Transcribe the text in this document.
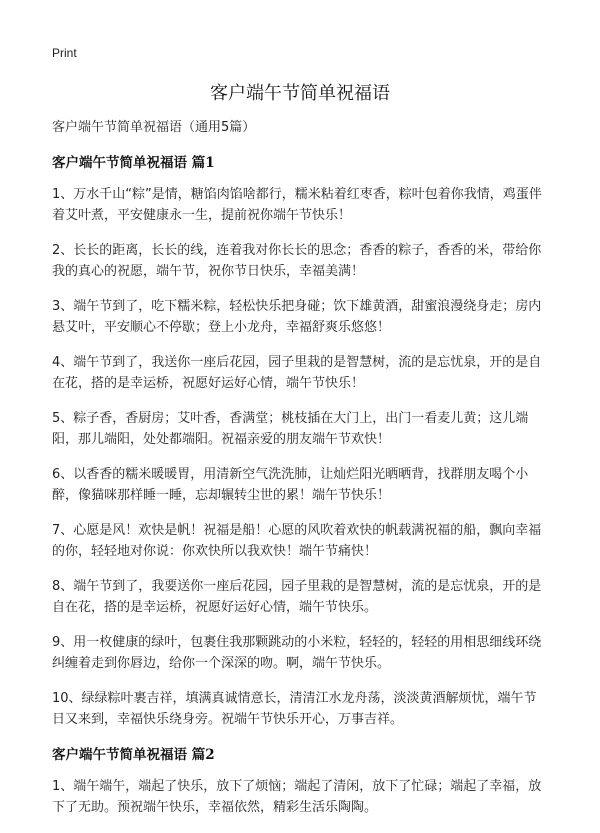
Print
客户端午节简单祝福语

客户端午节简单祝福语（通用5篇）

客户端午节简单祝福语 篇1

1、万水千山“粽”是情，糖馅肉馅啥都行，糯米粘着红枣香，粽叶包着你我情，鸡蛋伴着艾叶煮，平安健康永一生，提前祝你端午节快乐！

2、长长的距离，长长的线，连着我对你长长的思念；香香的粽子，香香的米，带给你我的真心的祝愿，端午节，祝你节日快乐，幸福美满！

3、端午节到了，吃下糯米粽，轻松快乐把身碰；饮下雄黄酒，甜蜜浪漫绕身走；房内悬艾叶，平安顺心不停歇；登上小龙舟，幸福舒爽乐悠悠！

4、端午节到了，我送你一座后花园，园子里栽的是智慧树，流的是忘忧泉，开的是自在花，搭的是幸运桥，祝愿好运好心情，端午节快乐！

5、粽子香，香厨房；艾叶香，香满堂；桃枝插在大门上，出门一看麦儿黄；这儿端阳，那儿端阳，处处都端阳。祝福亲爱的朋友端午节欢快！

6、以香香的糯米暖暖胃，用清新空气洗洗肺，让灿烂阳光晒晒背，找群朋友喝个小醉，像猫咪那样睡一睡，忘却辗转尘世的累！端午节快乐！

7、心愿是风！欢快是帆！祝福是船！心愿的风吹着欢快的帆载满祝福的船，飘向幸福的你，轻轻地对你说：你欢快所以我欢快！端午节痛快！

8、端午节到了，我要送你一座后花园，园子里栽的是智慧树，流的是忘忧泉，开的是自在花，搭的是幸运桥，祝愿好运好心情，端午节快乐。

9、用一枚健康的绿叶，包裹住我那颗跳动的小米粒，轻轻的，轻轻的用相思细线环绕纠缠着走到你唇边，给你一个深深的吻。啊，端午节快乐。

10、绿绿粽叶裹吉祥，填满真诚情意长，清清江水龙舟荡，淡淡黄酒解烦忧，端午节日又来到，幸福快乐绕身旁。祝端午节快乐开心，万事吉祥。

客户端午节简单祝福语 篇2

1、端午端午，端起了快乐，放下了烦恼；端起了清闲，放下了忙碌；端起了幸福，放下了无助。预祝端午快乐，幸福依然，精彩生活乐陶陶。
